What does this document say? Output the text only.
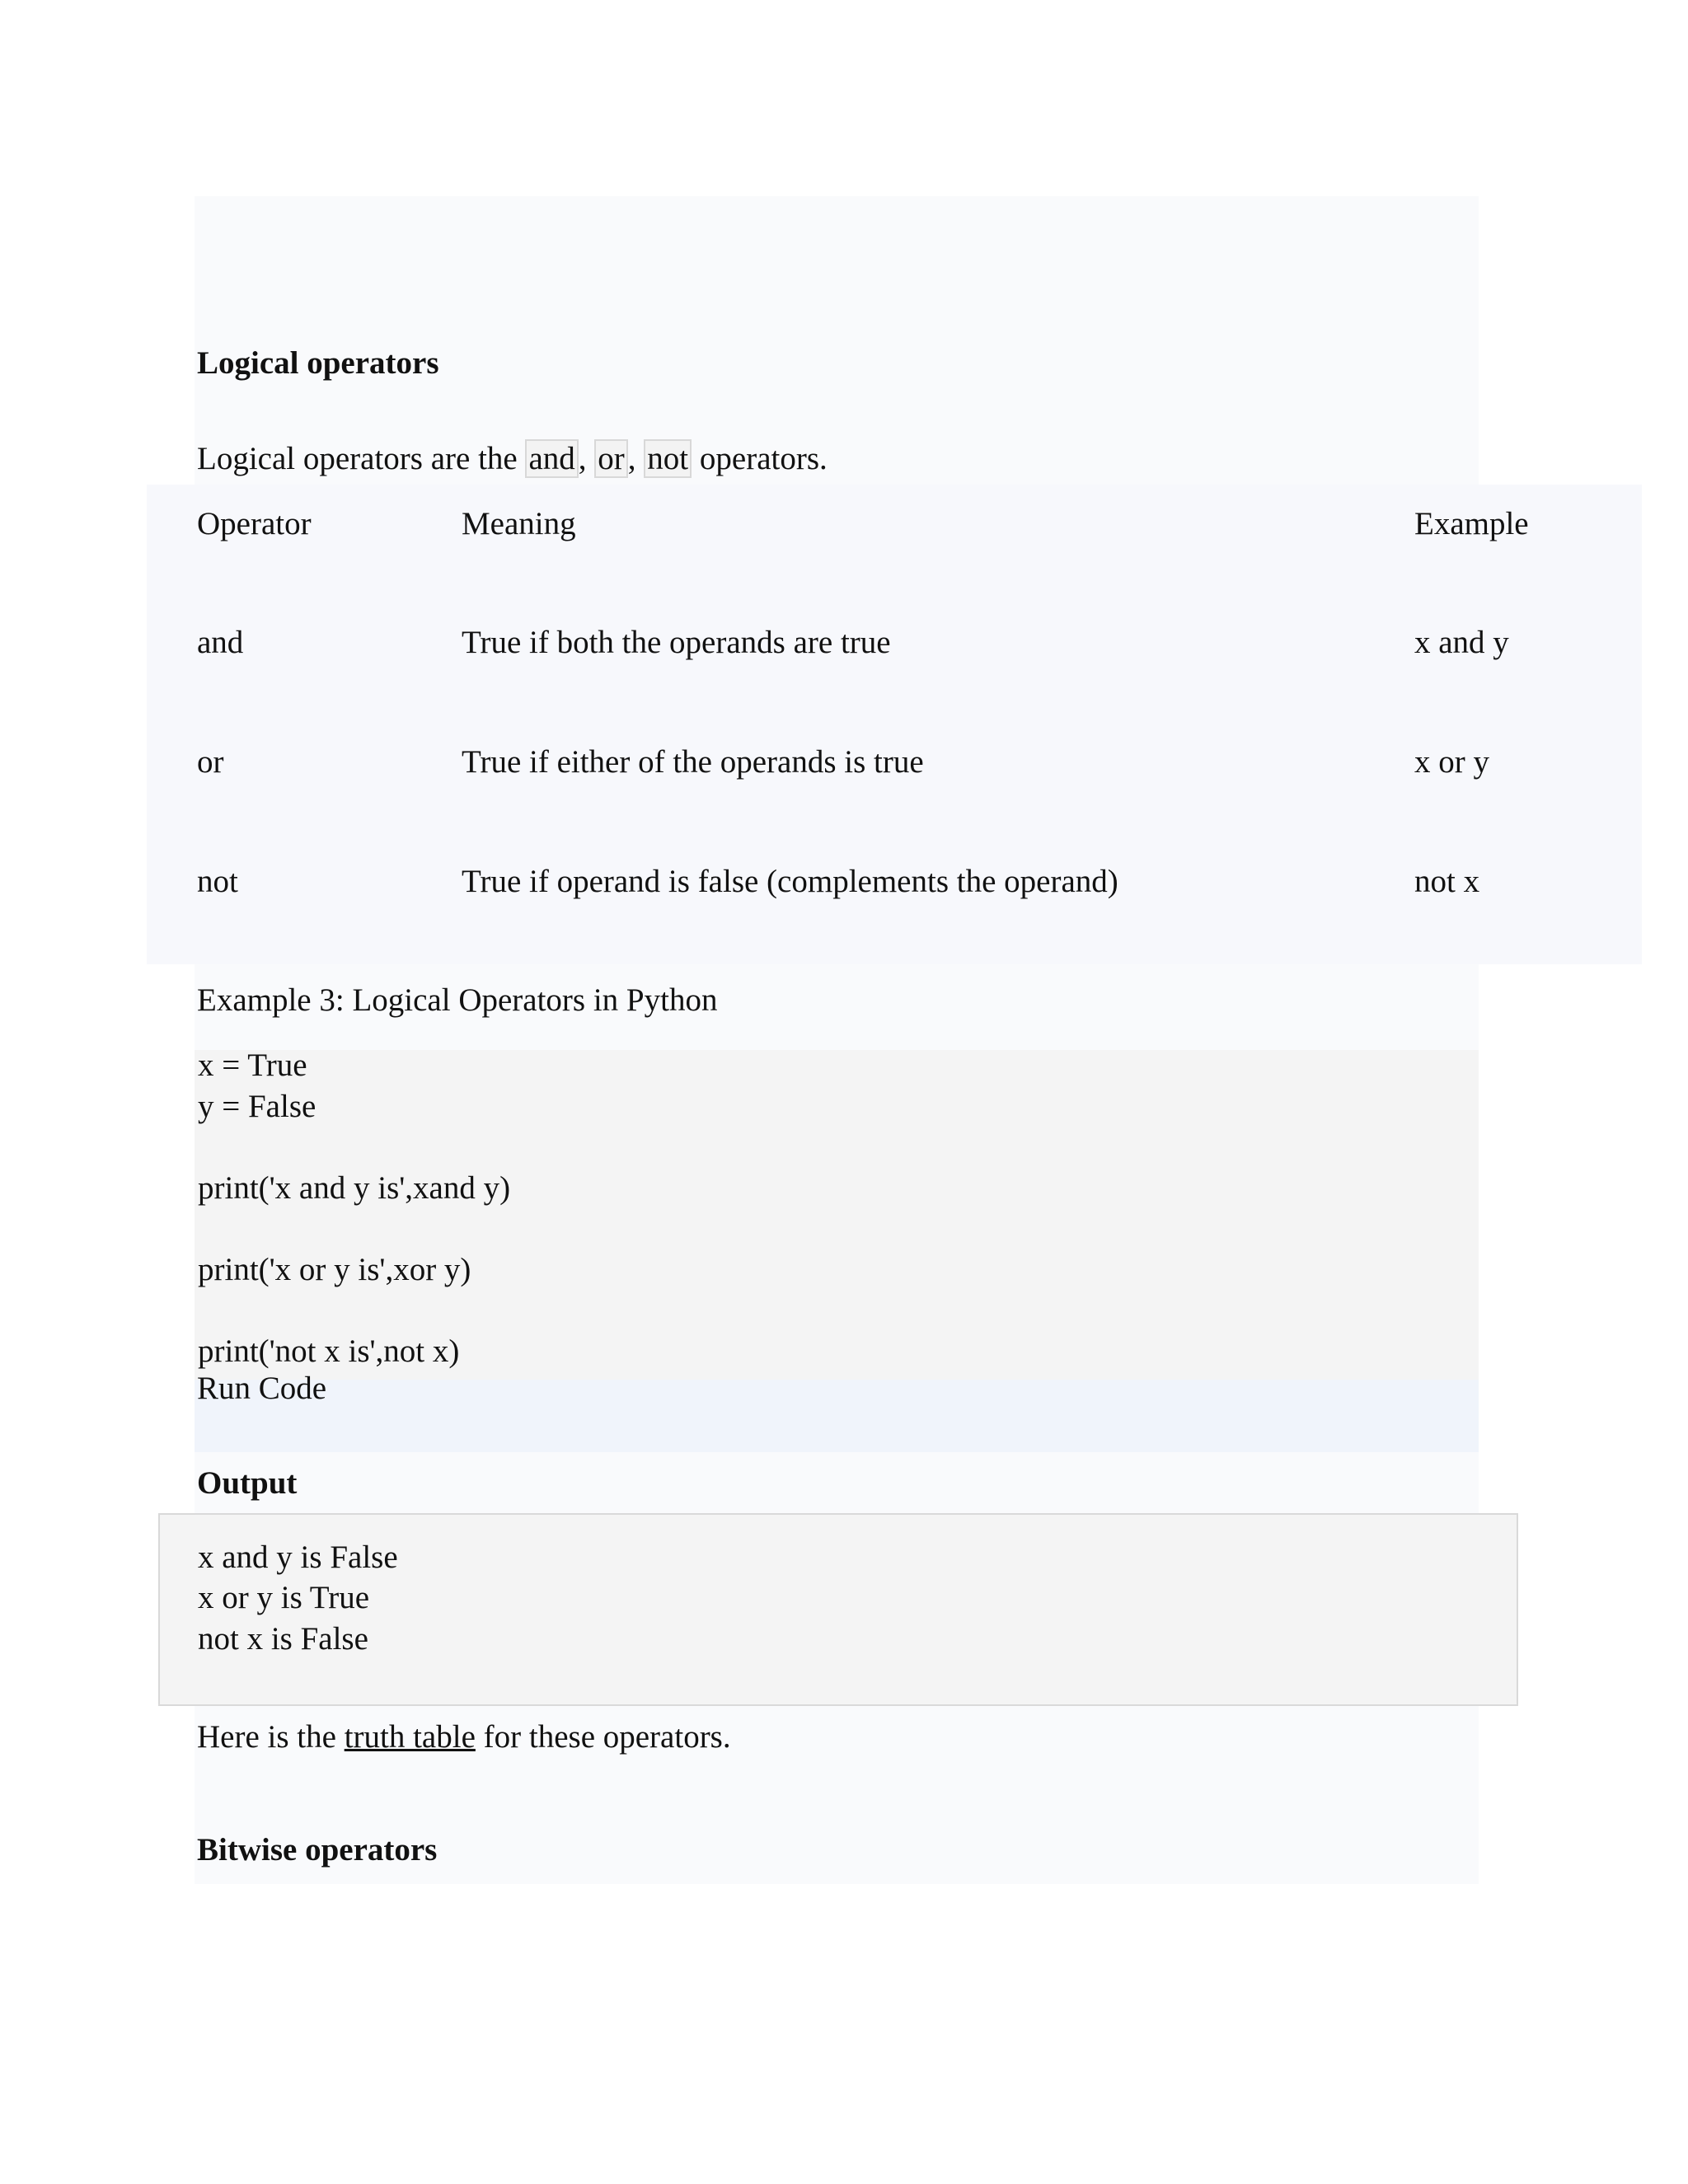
Logical operators
Logical operators are the and , or , not operators.
Operator	Meaning	Example
and	True if both the operands are true	x and y
or	True if either of the operands is true	x or y
not	True if operand is false (complements the operand)	not x
Example 3: Logical Operators in Python
x = True
y = False
print('x and y is',xand y)
print('x or y is',xor y)
print('not x is',not x)
Run Code
Output
x and y is False
x or y is True
not x is False
Here is the truth table for these operators.
Bitwise operators
